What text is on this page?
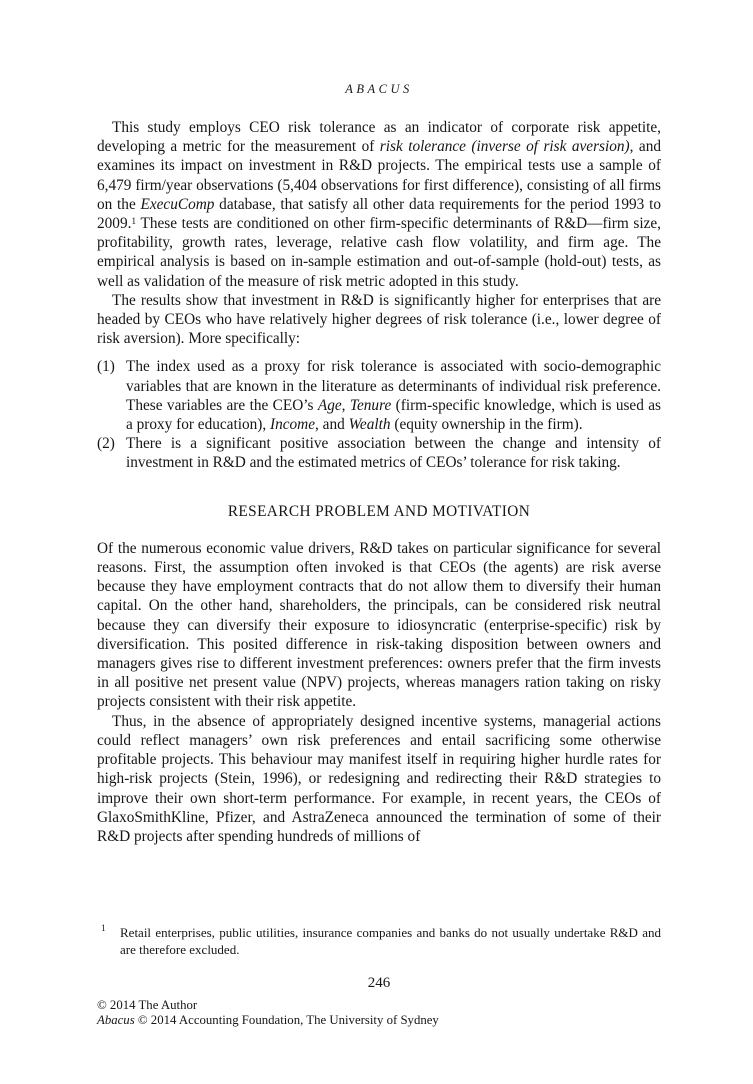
ABACUS

This study employs CEO risk tolerance as an indicator of corporate risk appetite, developing a metric for the measurement of risk tolerance (inverse of risk aversion), and examines its impact on investment in R&D projects. The empirical tests use a sample of 6,479 firm/year observations (5,404 observations for first difference), consisting of all firms on the ExecuComp database, that satisfy all other data requirements for the period 1993 to 2009.$^1$ These tests are conditioned on other firm-specific determinants of R&D—firm size, profitability, growth rates, leverage, relative cash flow volatility, and firm age. The empirical analysis is based on in-sample estimation and out-of-sample (hold-out) tests, as well as validation of the measure of risk metric adopted in this study.

The results show that investment in R&D is significantly higher for enterprises that are headed by CEOs who have relatively higher degrees of risk tolerance (i.e., lower degree of risk aversion). More specifically:

(1) The index used as a proxy for risk tolerance is associated with socio-demographic variables that are known in the literature as determinants of individual risk preference. These variables are the CEO’s Age, Tenure (firm-specific knowledge, which is used as a proxy for education), Income, and Wealth (equity ownership in the firm).
(2) There is a significant positive association between the change and intensity of investment in R&D and the estimated metrics of CEOs’ tolerance for risk taking.
RESEARCH PROBLEM AND MOTIVATION

Of the numerous economic value drivers, R&D takes on particular significance for several reasons. First, the assumption often invoked is that CEOs (the agents) are risk averse because they have employment contracts that do not allow them to diversify their human capital. On the other hand, shareholders, the principals, can be considered risk neutral because they can diversify their exposure to idiosyncratic (enterprise-specific) risk by diversification. This posited difference in risk-taking disposition between owners and managers gives rise to different investment preferences: owners prefer that the firm invests in all positive net present value (NPV) projects, whereas managers ration taking on risky projects consistent with their risk appetite.

Thus, in the absence of appropriately designed incentive systems, managerial actions could reflect managers’ own risk preferences and entail sacrificing some otherwise profitable projects. This behaviour may manifest itself in requiring higher hurdle rates for high-risk projects (Stein, 1996), or redesigning and redirecting their R&D strategies to improve their own short-term performance. For example, in recent years, the CEOs of GlaxoSmithKline, Pfizer, and AstraZeneca announced the termination of some of their R&D projects after spending hundreds of millions of

1 Retail enterprises, public utilities, insurance companies and banks do not usually undertake R&D and are therefore excluded.
246
© 2014 The Author
Abacus © 2014 Accounting Foundation, The University of Sydney
